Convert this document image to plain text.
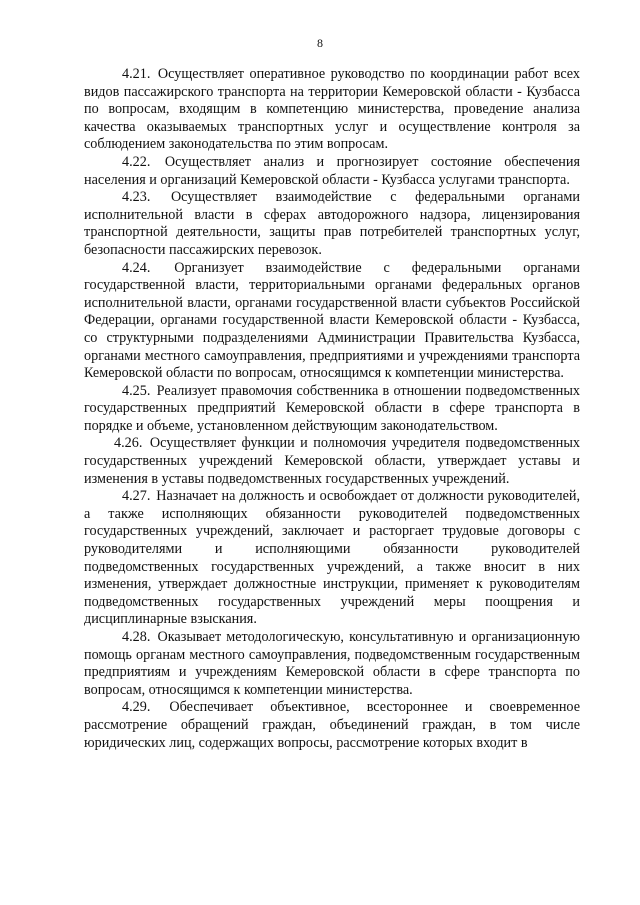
8

4.21. Осуществляет оперативное руководство по координации работ всех видов пассажирского транспорта на территории Кемеровской области - Кузбасса по вопросам, входящим в компетенцию министерства, проведение анализа качества оказываемых транспортных услуг и осуществление контроля за соблюдением законодательства по этим вопросам.

4.22. Осуществляет анализ и прогнозирует состояние обеспечения населения и организаций Кемеровской области - Кузбасса услугами транспорта.

4.23. Осуществляет взаимодействие с федеральными органами исполнительной власти в сферах автодорожного надзора, лицензирования транспортной деятельности, защиты прав потребителей транспортных услуг, безопасности пассажирских перевозок.

4.24. Организует взаимодействие с федеральными органами государственной власти, территориальными органами федеральных органов исполнительной власти, органами государственной власти субъектов Российской Федерации, органами государственной власти Кемеровской области - Кузбасса, со структурными подразделениями Администрации Правительства Кузбасса, органами местного самоуправления, предприятиями и учреждениями транспорта Кемеровской области по вопросам, относящимся к компетенции министерства.

4.25. Реализует правомочия собственника в отношении подведомственных государственных предприятий Кемеровской области в сфере транспорта в порядке и объеме, установленном действующим законодательством.

4.26. Осуществляет функции и полномочия учредителя подведомственных государственных учреждений Кемеровской области, утверждает уставы и изменения в уставы подведомственных государственных учреждений.

4.27. Назначает на должность и освобождает от должности руководителей, а также исполняющих обязанности руководителей подведомственных государственных учреждений, заключает и расторгает трудовые договоры с руководителями и исполняющими обязанности руководителей подведомственных государственных учреждений, а также вносит в них изменения, утверждает должностные инструкции, применяет к руководителям подведомственных государственных учреждений меры поощрения и дисциплинарные взыскания.

4.28. Оказывает методологическую, консультативную и организационную помощь органам местного самоуправления, подведомственным государственным предприятиям и учреждениям Кемеровской области в сфере транспорта по вопросам, относящимся к компетенции министерства.

4.29. Обеспечивает объективное, всестороннее и своевременное рассмотрение обращений граждан, объединений граждан, в том числе юридических лиц, содержащих вопросы, рассмотрение которых входит в
